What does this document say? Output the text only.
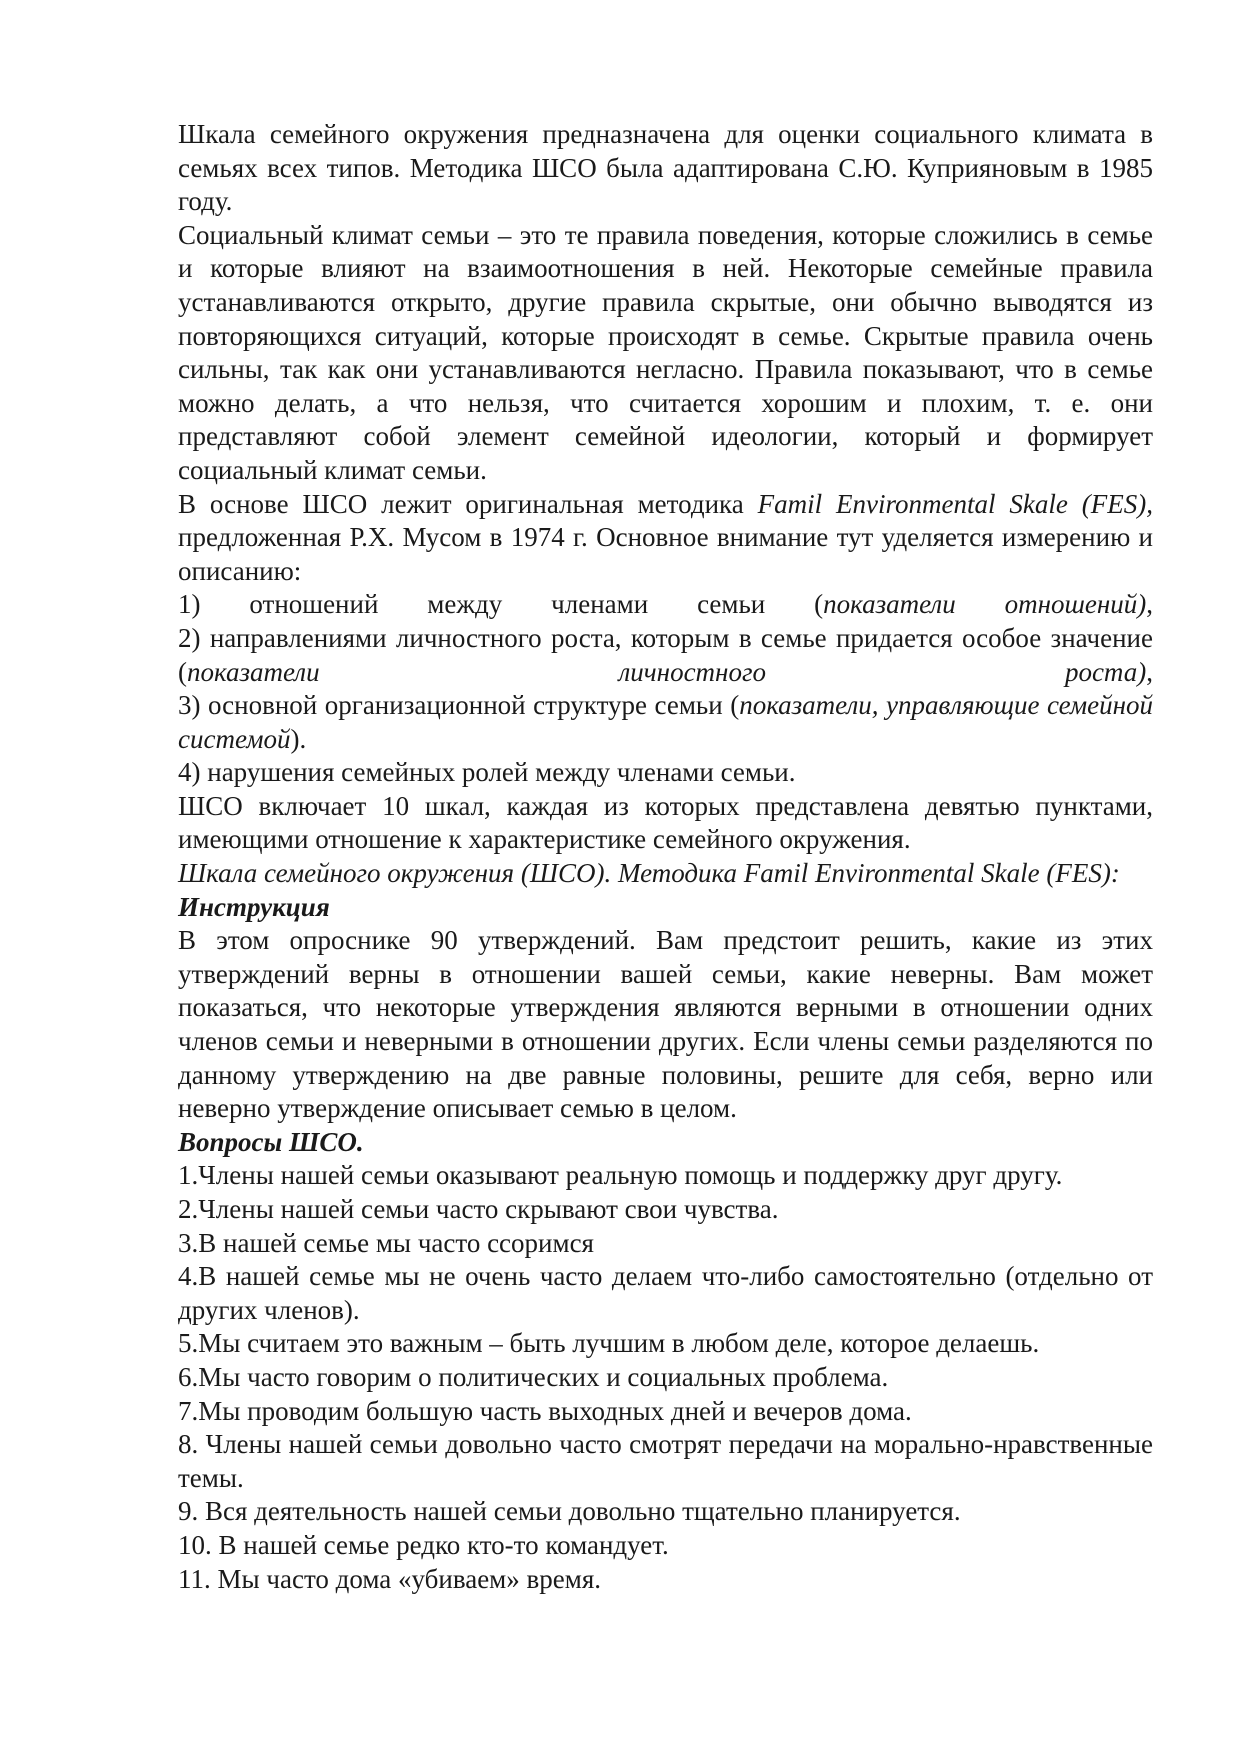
Шкала семейного окружения предназначена для оценки социального климата в семьях всех типов. Методика ШСО была адаптирована С.Ю. Куприяновым в 1985 году.

Социальный климат семьи – это те правила поведения, которые сложились в семье и которые влияют на взаимоотношения в ней. Некоторые семейные правила устанавливаются открыто, другие правила скрытые, они обычно выводятся из повторяющихся ситуаций, которые происходят в семье. Скрытые правила очень сильны, так как они устанавливаются негласно. Правила показывают, что в семье можно делать, а что нельзя, что считается хорошим и плохим, т. е. они представляют собой элемент семейной идеологии, который и формирует социальный климат семьи.

В основе ШСО лежит оригинальная методика Famil Environmental Skale (FES), предложенная Р.Х. Мусом в 1974 г. Основное внимание тут уделяется измерению и описанию:

1) отношений между членами семьи (показатели отношений),

2) направлениями личностного роста, которым в семье придается особое значение (показатели личностного роста),

3) основной организационной структуре семьи (показатели, управляющие семейной системой).

4) нарушения семейных ролей между членами семьи.

ШСО включает 10 шкал, каждая из которых представлена девятью пунктами, имеющими отношение к характеристике семейного окружения.

Шкала семейного окружения (ШСО). Методика Famil Environmental Skale (FES):

Инструкция

В этом опроснике 90 утверждений. Вам предстоит решить, какие из этих утверждений верны в отношении вашей семьи, какие неверны. Вам может показаться, что некоторые утверждения являются верными в отношении одних членов семьи и неверными в отношении других. Если члены семьи разделяются по данному утверждению на две равные половины, решите для себя, верно или неверно утверждение описывает семью в целом.

Вопросы ШСО.

1.Члены нашей семьи оказывают реальную помощь и поддержку друг другу.

2.Члены нашей семьи часто скрывают свои чувства.

3.В нашей семье мы часто ссоримся

4.В нашей семье мы не очень часто делаем что-либо самостоятельно (отдельно от других членов).

5.Мы считаем это важным – быть лучшим в любом деле, которое делаешь.

6.Мы часто говорим о политических и социальных проблема.

7.Мы проводим большую часть выходных дней и вечеров дома.

8. Члены нашей семьи довольно часто смотрят передачи на морально-нравственные темы.

9. Вся деятельность нашей семьи довольно тщательно планируется.

10. В нашей семье редко кто-то командует.

11. Мы часто дома «убиваем» время.
